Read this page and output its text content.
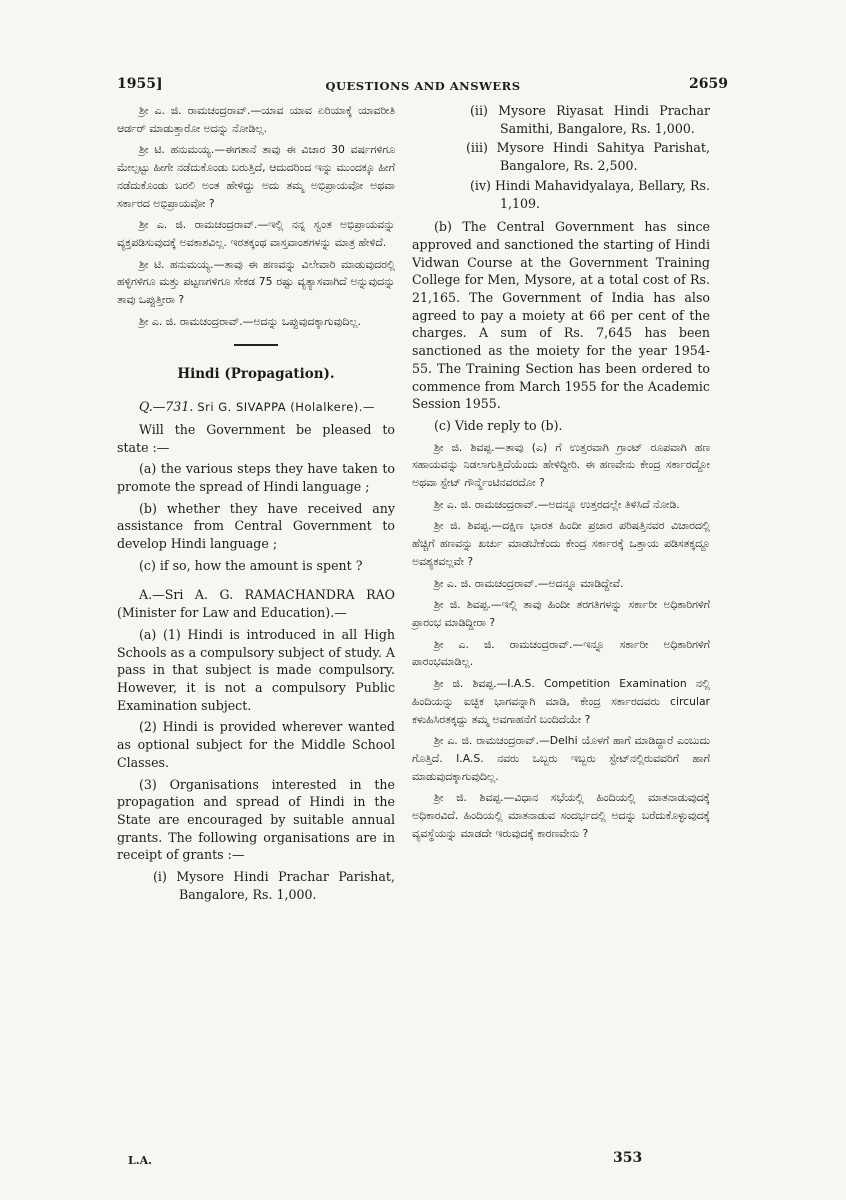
1955]	QUESTIONS AND ANSWERS	2659

ಶ್ರೀ ಎ. ಜಿ. ರಾಮಚಂದ್ರರಾವ್.—ಯಾವ ಯಾವ ಏರಿಯಾಕ್ಕೆ ಯಾವರೀತಿ ಆರ್ಡರ್ ಮಾಡುತ್ತಾರೋ ಅದನ್ನು ನೋಡಿಲ್ಲ.

ಶ್ರೀ ಟಿ. ಹನುಮಯ್ಯ.—ಈಗತಾನೆ ತಾವು ಈ ವಿಚಾರ 30 ವರ್ಷಗಳಿಗೂ ಮೇಲ್ಪಟ್ಟು ಹೀಗೇ ನಡೆದುಕೊಂಡು ಬರುತ್ತಿದೆ, ಆದುದರಿಂದ ಇನ್ನು ಮುಂದಕ್ಕೂ ಹೀಗೆ ನಡೆದುಕೊಂಡು ಬರಲಿ ಅಂತ ಹೇಳಿದ್ದು ಅದು ತಮ್ಮ ಅಭಿಪ್ರಾಯವೋ ಅಥವಾ ಸರ್ಕಾರದ ಅಭಿಪ್ರಾಯವೋ ?

ಶ್ರೀ ಎ. ಜಿ. ರಾಮಚಂದ್ರರಾವ್.—ಇಲ್ಲಿ ನನ್ನ ಸ್ವಂತ ಅಭಿಪ್ರಾಯವನ್ನು ವ್ಯಕ್ತಪಡಿಸುವುದಕ್ಕೆ ಅವಕಾಶವಿಲ್ಲ. ಇರತಕ್ಕಂಥ ವಾಸ್ತವಾಂಶಗಳನ್ನು ಮಾತ್ರ ಹೇಳಿದೆ.

ಶ್ರೀ ಟಿ. ಹನುಮಯ್ಯ.—ತಾವು ಈ ಹಣವನ್ನು ವಿಲೇವಾರಿ ಮಾಡುವುದರಲ್ಲಿ ಹಳ್ಳಿಗಳಿಗೂ ಮತ್ತು ಪಟ್ಟಣಗಳಿಗೂ ಸೇಕಡ 75 ರಷ್ಟು ವ್ಯತ್ಯಾಸವಾಗಿದೆ ಅನ್ನುವುದನ್ನು ತಾವು ಒಪ್ಪುತ್ತೀರಾ ?

ಶ್ರೀ ಎ. ಜಿ. ರಾಮಚಂದ್ರರಾವ್.—ಅದನ್ನು ಒಪ್ಪುವುದಕ್ಕಾಗುವುದಿಲ್ಲ.

Hindi (Propagation).

Q.—731. Sri G. SIVAPPA (Holalkere).—

Will the Government be pleased to state :—

(a) the various steps they have taken to promote the spread of Hindi language ;

(b) whether they have received any assistance from Central Government to develop Hindi language ;

(c) if so, how the amount is spent ?

A.—Sri A. G. RAMACHANDRA RAO (Minister for Law and Education).—

(a) (1) Hindi is introduced in all High Schools as a compulsory subject of study. A pass in that subject is made compulsory. However, it is not a compulsory Public Examination subject.

(2) Hindi is provided wherever wanted as optional subject for the Middle School Classes.

(3) Organisations interested in the propagation and spread of Hindi in the State are encouraged by suitable annual grants. The following organisations are in receipt of grants :—

(i) Mysore Hindi Prachar Parishat, Bangalore, Rs. 1,000.

(ii) Mysore Riyasat Hindi Prachar Samithi, Bangalore, Rs. 1,000.

(iii) Mysore Hindi Sahitya Parishat, Bangalore, Rs. 2,500.

(iv) Hindi Mahavidyalaya, Bellary, Rs. 1,109.

(b) The Central Government has since approved and sanctioned the starting of Hindi Vidwan Course at the Government Training College for Men, Mysore, at a total cost of Rs. 21,165. The Government of India has also agreed to pay a moiety at 66 per cent of the charges. A sum of Rs. 7,645 has been sanctioned as the moiety for the year 1954-55. The Training Section has been ordered to commence from March 1955 for the Academic Session 1955.

(c) Vide reply to (b).

ಶ್ರೀ ಜಿ. ಶಿವಪ್ಪ.—ತಾವು (ಎ) ಗೆ ಉತ್ತರವಾಗಿ ಗ್ರಾಂಟ್ ರೂಪವಾಗಿ ಹಣ ಸಹಾಯವನ್ನು ನಿಡಲಾಗುತ್ತಿದೆಯೆಂದು ಹೇಳಿದ್ದೀರಿ. ಈ ಹಣವೇನು ಕೇಂದ್ರ ಸರ್ಕಾರದ್ದೋ ಅಥವಾ ಸ್ಟೇಟ್ ಗೌರ್ನ್ಮೆಂಟಿನವರದೋ ?

ಶ್ರೀ ಎ. ಜಿ. ರಾಮಚಂದ್ರರಾವ್.—ಅದನ್ನೂ ಉತ್ತರದಲ್ಲೇ ತಿಳಿಸಿದೆ ನೋಡಿ.

ಶ್ರೀ ಜಿ. ಶಿವಪ್ಪ.—ದಕ್ಷಿಣ ಭಾರತ ಹಿಂದೀ ಪ್ರಚಾರ ಪರಿಷತ್ತಿನವರ ವಿಚಾರದಲ್ಲಿ ಹೆಚ್ಚಿಗೆ ಹಣವನ್ನು ಖರ್ಚು ಮಾಡಬೇಕೆಂದು ಕೇಂದ್ರ ಸರ್ಕಾರಕ್ಕೆ ಒತ್ತಾಯ ಪಡಿಸತಕ್ಕದ್ದೂ ಅವಶ್ಯಕವಲ್ಲವೇ ?

ಶ್ರೀ ಎ. ಜಿ. ರಾಮಚಂದ್ರರಾವ್.—ಅದನ್ನೂ ಮಾಡಿದ್ದೇವೆ.

ಶ್ರೀ ಜಿ. ಶಿವಪ್ಪ.—ಇಲ್ಲಿ ತಾವು ಹಿಂದೀ ತರಗತಿಗಳನ್ನು ಸರ್ಕಾರೀ ಅಧಿಕಾರಿಗಳಿಗೆ ಪ್ರಾರಂಭ ಮಾಡಿದ್ದೀರಾ ?

ಶ್ರೀ ಎ. ಜಿ. ರಾಮಚಂದ್ರರಾವ್.—ಇನ್ನೂ ಸರ್ಕಾರೀ ಅಧಿಕಾರಿಗಳಿಗೆ ಪಾರಂಭಮಾಡಿಲ್ಲ.

ಶ್ರೀ ಜಿ. ಶಿವಪ್ಪ.—I.A.S. Competition Examination ನಲ್ಲಿ ಹಿಂದಿಯನ್ನು ಐಚ್ಛಿಕ ಭಾಗವನ್ನಾಗಿ ಮಾಡಿ, ಕೇಂದ್ರ ಸರ್ಕಾರದವರು circular ಕಳುಹಿಸಿರತಕ್ಕದ್ದು ತಮ್ಮ ಅವಗಾಹನೆಗೆ ಬಂದಿದೆಯೇ ?

ಶ್ರೀ ಎ. ಜಿ. ರಾಮಚಂದ್ರರಾವ್.—Delhi ಯೊಳಗೆ ಹಾಗೆ ಮಾಡಿದ್ದಾರೆ ಎಂಬುದು ಗೊತ್ತಿದೆ. I.A.S. ನವರು ಒಬ್ಬರು ಇಬ್ಬರು ಸ್ಟೇಟ್‌ನಲ್ಲಿರುವವರಿಗೆ ಹಾಗೆ ಮಾಡುವುದಕ್ಕಾಗುವುದಿಲ್ಲ.

ಶ್ರೀ ಜಿ. ಶಿವಪ್ಪ.—ವಿಧಾನ ಸಭೆಯಲ್ಲಿ ಹಿಂದಿಯಲ್ಲಿ ಮಾತನಾಡುವುದಕ್ಕೆ ಅಧಿಕಾರವಿದೆ. ಹಿಂದಿಯಲ್ಲಿ ಮಾತನಾಡುವ ಸಂದರ್ಭದಲ್ಲಿ ಅದನ್ನು ಬರೆದುಕೊಳ್ಳುವುದಕ್ಕೆ ವ್ಯವಸ್ಥೆಯನ್ನು ಮಾಡದೇ ಇರುವುದಕ್ಕೆ ಕಾರಣವೇನು ?

L.A.	353
